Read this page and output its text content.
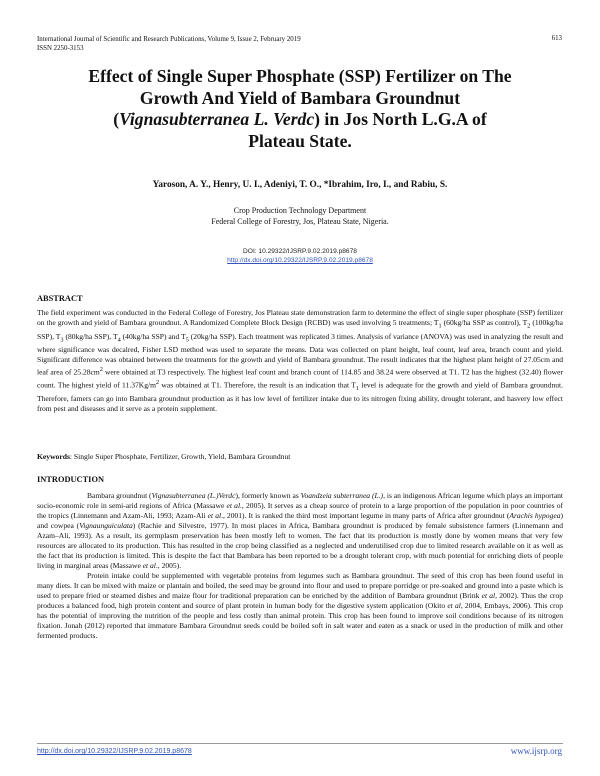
International Journal of Scientific and Research Publications, Volume 9, Issue 2, February 2019
ISSN 2250-3153
613
Effect of Single Super Phosphate (SSP) Fertilizer on The
Growth And Yield of Bambara Groundnut
(Vignasubterranea L. Verdc) in Jos North L.G.A of
Plateau State.
Yaroson, A. Y., Henry, U. I., Adeniyi, T. O., *Ibrahim, Iro, I., and Rabiu, S.
Crop Production Technology Department
Federal College of Forestry, Jos, Plateau State, Nigeria.
DOI: 10.29322/IJSRP.9.02.2019.p8678
http://dx.doi.org/10.29322/IJSRP.9.02.2019.p8678
ABSTRACT
The field experiment was conducted in the Federal College of Forestry, Jos Plateau state demonstration farm to determine the effect of single super phosphate (SSP) fertilizer on the growth and yield of Bambara groundnut. A Randomized Complete Block Design (RCBD) was used involving 5 treatments; $T_1$ (60kg/ha SSP as control), $T_2$ (100kg/ha SSP), $T_3$ (80kg/ha SSP), $T_4$ (40kg/ha SSP) and $T_5$ (20kg/ha SSP). Each treatment was replicated 3 times. Analysis of variance (ANOVA) was used in analyzing the result and where significance was decalred, Fisher LSD method was used to separate the means. Data was collected on plant height, leaf count, leaf area, branch count and yield. Significant difference was obtained between the treatments for the growth and yield of Bambara groundnut. The result indicates that the highest plant height of 27.05cm and leaf area of $25.28cm^2$ were obtained at T3 respectively. The highest leaf count and branch count of 114.85 and 38.24 were observed at T1. T2 has the highest (32.40) flower count. The highest yield of $11.37Kg/m^2$ was obtained at T1. Therefore, the result is an indication that $T_1$ level is adequate for the growth and yield of Bambara groundnut. Therefore, famers can go into Bambara groundnut production as it has low level of fertilizer intake due to its nitrogen fixing ability, drought tolerant, and hasvery low effect from pest and diseases and it serve as a protein supplement.
Keywords: Single Super Phosphate, Fertilizer, Growth, Yield, Bambara Groundnut
INTRODUCTION

Bambara groundnut (Vignasubterranea (L.)Verdc), formerly known as Voandzeia subterranea (L.), is an indigenous African legume which plays an important socio-economic role in semi-arid regions of Africa (Massawe et al., 2005). It serves as a cheap source of protein to a large proportion of the population in poor countries of the tropics (Linnemann and Azam-Ali, 1993; Azam-Ali et al., 2001). It is ranked the third most important legume in many parts of Africa after groundnut (Arachis hypogea) and cowpea (Vignaunguiculata) (Rachie and Silvestre, 1977). In most places in Africa, Bambara groundnut is produced by female subsistence farmers (Linnemann and Azam–Ali, 1993). As a result, its germplasm preservation has been mostly left to women. The fact that its production is mostly done by women means that very few resources are allocated to its production. This has resulted in the crop being classified as a neglected and underutilised crop due to limited research available on it as well as the fact that its production is limited. This is despite the fact that Bambara has been reported to be a drought tolerant crop, with much potential for enriching diets of people living in marginal areas (Massawe et al., 2005).

Protein intake could be supplemented with vegetable proteins from legumes such as Bambara groundnut. The seed of this crop has been found useful in many diets. It can be mixed with maize or plantain and boiled, the seed may be ground into flour and used to prepare porridge or pre-soaked and ground into a paste which is used to prepare fried or steamed dishes and maize flour for traditional preparation can be enriched by the addition of Bambara groundnut (Brink et al, 2002). Thus the crop produces a balanced food, high protein content and source of plant protein in human body for the digestive system application (Okito et al, 2004, Embays, 2006). This crop has the potential of improving the nutrition of the people and less costly than animal protein. This crop has been found to improve soil conditions because of its nitrogen fixation. Jonah (2012) reported that immature Bambara Groundnut seeds could be boiled soft in salt water and eaten as a snack or used in the production of milk and other fermented products.

http://dx.doi.org/10.29322/IJSRP.9.02.2019.p8678	www.ijsrp.org
